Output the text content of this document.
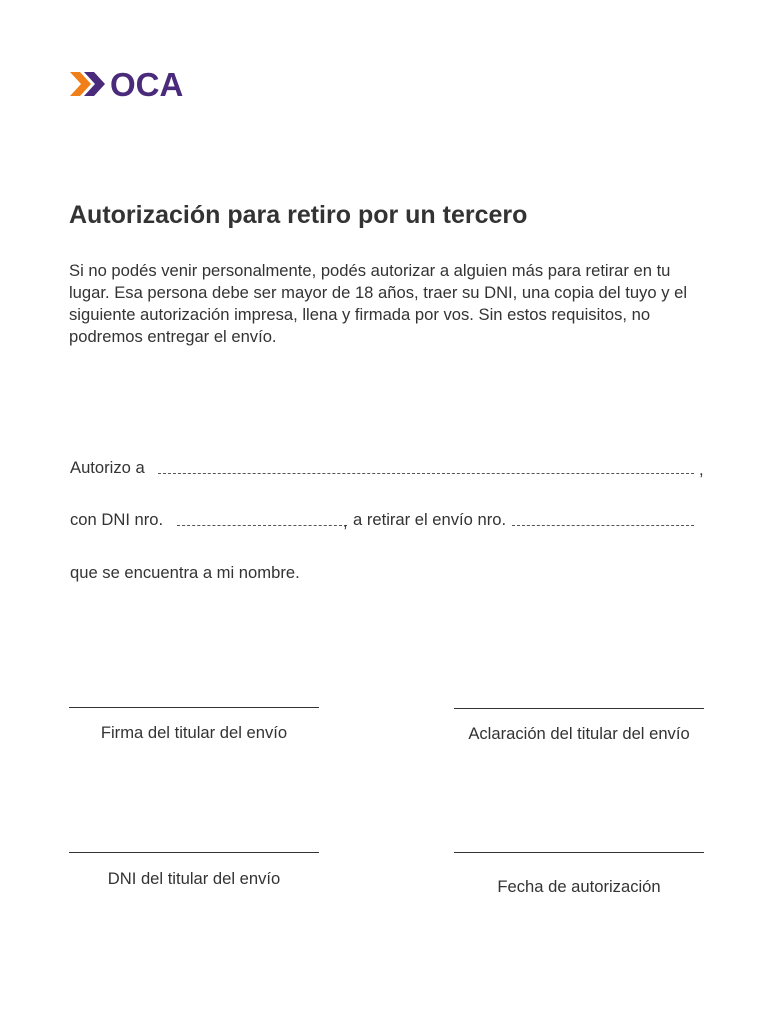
OCA
Autorización para retiro por un tercero

Si no podés venir personalmente, podés autorizar a alguien más para retirar en tu lugar. Esa persona debe ser mayor de 18 años, traer su DNI, una copia del tuyo y el siguiente autorización impresa, llena y firmada por vos. Sin estos requisitos, no podremos entregar el envío.

Autorizo a	,
con DNI nro.	, a retirar el envío nro.
que se encuentra a mi nombre.
Firma del titular del envío	Aclaración del titular del envío
DNI del titular del envío	Fecha de autorización
